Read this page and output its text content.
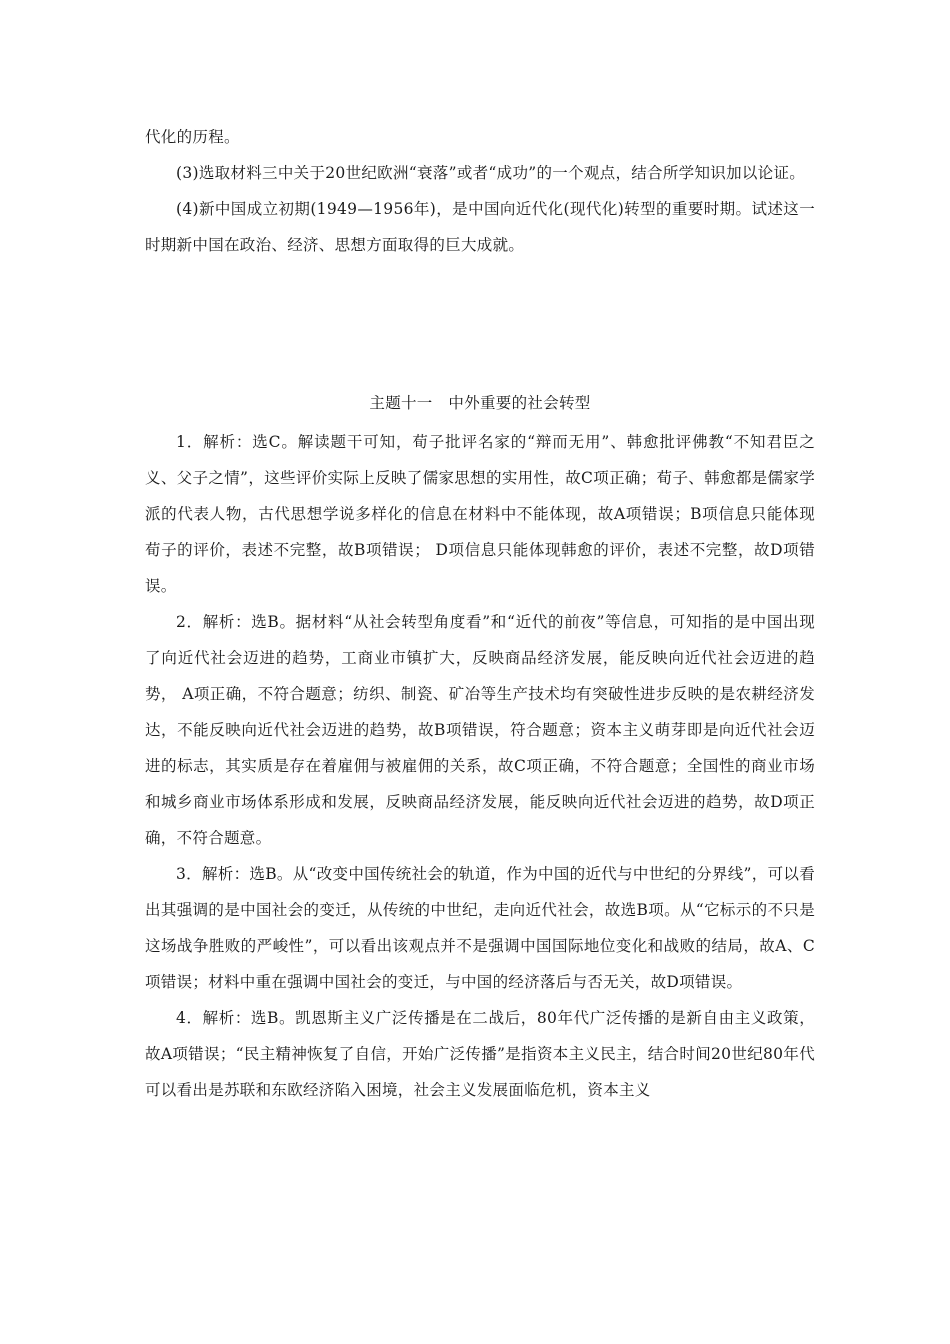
代化的历程。

(3)选取材料三中关于20世纪欧洲“衰落”或者“成功”的一个观点，结合所学知识加以论证。

(4)新中国成立初期(1949—1956年)，是中国向近代化(现代化)转型的重要时期。试述这一时期新中国在政治、经济、思想方面取得的巨大成就。

主题十一　中外重要的社会转型

1．解析：选C。解读题干可知，荀子批评名家的“辩而无用”、韩愈批评佛教“不知君臣之义、父子之情”，这些评价实际上反映了儒家思想的实用性，故C项正确；荀子、韩愈都是儒家学派的代表人物，古代思想学说多样化的信息在材料中不能体现，故A项错误；B项信息只能体现荀子的评价，表述不完整，故B项错误； D项信息只能体现韩愈的评价，表述不完整，故D项错误。

2．解析：选B。据材料“从社会转型角度看”和“近代的前夜”等信息，可知指的是中国出现了向近代社会迈进的趋势，工商业市镇扩大，反映商品经济发展，能反映向近代社会迈进的趋势， A项正确，不符合题意；纺织、制瓷、矿冶等生产技术均有突破性进步反映的是农耕经济发达，不能反映向近代社会迈进的趋势，故B项错误，符合题意；资本主义萌芽即是向近代社会迈进的标志，其实质是存在着雇佣与被雇佣的关系，故C项正确，不符合题意；全国性的商业市场和城乡商业市场体系形成和发展，反映商品经济发展，能反映向近代社会迈进的趋势，故D项正确，不符合题意。

3．解析：选B。从“改变中国传统社会的轨道，作为中国的近代与中世纪的分界线”，可以看出其强调的是中国社会的变迁，从传统的中世纪，走向近代社会，故选B项。从“它标示的不只是这场战争胜败的严峻性”，可以看出该观点并不是强调中国国际地位变化和战败的结局，故A、C项错误；材料中重在强调中国社会的变迁，与中国的经济落后与否无关，故D项错误。

4．解析：选B。凯恩斯主义广泛传播是在二战后，80年代广泛传播的是新自由主义政策，故A项错误；“民主精神恢复了自信，开始广泛传播”是指资本主义民主，结合时间20世纪80年代可以看出是苏联和东欧经济陷入困境，社会主义发展面临危机，资本主义
